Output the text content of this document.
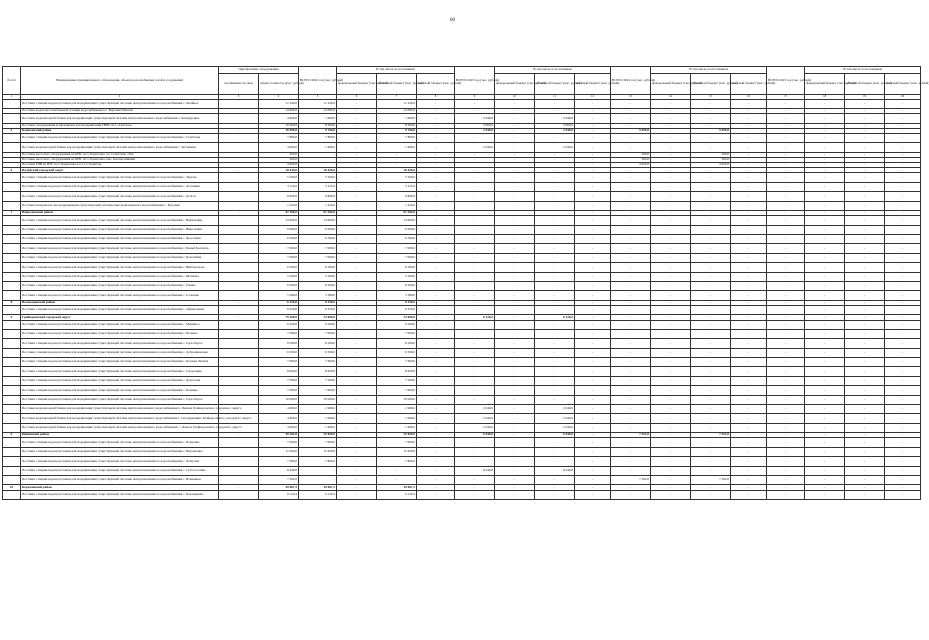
60
№ п/п	Наименование муниципального образования, объекта водоснабжения сетей и сооружений	Приобретение оборудования		ВСЕГО 2022 год (тыс. рублей)	В том числе по источникам			ВСЕГО 2023 год (тыс. рублей)	В том числе по источникам			ВСЕГО 2024 год (тыс. рублей)	В том числе по источникам			ВСЕГО 2025 год (тыс. рублей)	В том числе по источникам		
		протяжённость (км)	общая стоимость (тыс. рублей)		федеральный бюджет (тыс. рублей)	областной бюджет (тыс. рублей)	местный бюджет (тыс. рублей)		федеральный бюджет (тыс. рублей)	областной бюджет (тыс. рублей)	местный бюджет (тыс. рублей)		федеральный бюджет (тыс. рублей)	областной бюджет (тыс. рублей)	местный бюджет (тыс. рублей)		федеральный бюджет (тыс. рублей)	областной бюджет (тыс. рублей)	местный бюджет (тыс. рублей)
1	2	3	4	5	6	7	8	9	10	11	12	13	14	15	16	17	18	19	20
	Поставка станции водоподготовки для модернизации существующей системы централизованного водоснабжения с. Хвойное		11 240,0	11 240,0	-	11 240,0	-	-	-	-	-	-	-	-	-	-	-	-	-
	Поставка водоподготовительной станции водоснабжения в с. Верхняя Павлова		14 000,0	14 000,0	-	14 000,0	-	-	-	-	-	-	-	-	-	-	-	-	-
	Поставка водонапорной башни для модернизации существующей системы централизованного водоснабжения с. Кандауровка		4 000,0	1 960,0	-	1 960,0	-	2 040,0	-	2 040,0	-	-	-	-	-	-	-	-	-
	Поставка оборудования и материалов для модернизации ГВВС пгт. «Светлое»		10 500,0	8 500,0	-	8 500,0	-	2 000,0	-	2 000,0	-	-	-	-	-	-	-	-	-
5	Борисовский район	-	16 990,0	9 760,0	-	9 760,0	-	2 040,0	-	2 040,0	-	5 000,0	-	5 000,0	-	-	-	-	-
	Поставка станции водоподготовки для модернизации существующей системы централизованного водоснабжения с. Стригуны		7 800,0	7 800,0	-	7 800,0	-	-	-	-	-	-	-	-	-	-	-	-	-
	Поставка водонапорной башни для модернизации существующей системы централизованного водоснабжения с. Хотмыжск		4 000,0	1 960,0	-	1 960,0	-	2 040,0	-	2 040,0	-	-	-	-	-	-	-	-	-
	Поставка насосного оборудования на КНС п.г.т. Борисовка, ул. Советская, 110а		500,0	-	-	-	-	-	-	-	-	500,0	-	500,0	-	-	-	-	-
	Поставка насосного оборудования на КНС п.г.т. Борисовка, пер. Кооперативный		500,0	-	-	-	-	-	-	-	-	500,0	-	500,0	-	-	-	-	-
	Поставка РЧВ на ВЗУ п.г.т. Борисовка и п.г.т. Строитель		4 000,0	-	-	-	-	-	-	-	-	4 000,0	-	4 000,0	-	-	-	-	-
6	Валуйский городской округ	-	18 445,0	18 445,0	-	18 445,0	-	-	-	-	-	-	-	-	-	-	-	-	-
	Поставка станции водоподготовки для модернизации существующей системы централизованного водоснабжения с. Заречье		5 500,0	5 500,0	-	5 500,0	-	-	-	-	-	-	-	-	-	-	-	-	-
	Поставка станции водоподготовки для модернизации существующей системы централизованного водоснабжения с. Агошевка		3 125,0	3 125,0	-	3 125,0	-	-	-	-	-	-	-	-	-	-	-	-	-
	Поставка станции водоподготовки для модернизации существующей системы централизованного водоснабжения с. Долгое		8 600,0	8 600,0	-	8 600,0	-	-	-	-	-	-	-	-	-	-	-	-	-
	Поставка материалов для модернизации существующей системы централизованного водоснабжения с. Бутырки		1 224,0	1 224,0	-	1 224,0	-	-	-	-	-	-	-	-	-	-	-	-	-
7	Вейделевский район	-	67 380,0	67 380,0	-	67 380,0	-	-	-	-	-	-	-	-	-	-	-	-	-
	Поставка станции водоподготовки для модернизации существующей системы централизованного водоснабжения с. Вейделевка		14 000,0	14 000,0	-	14 000,0	-	-	-	-	-	-	-	-	-	-	-	-	-
	Поставка станции водоподготовки для модернизации существующей системы централизованного водоснабжения с. Николаевка		9 000,0	9 000,0	-	9 000,0	-	-	-	-	-	-	-	-	-	-	-	-	-
	Поставка станции водоподготовки для модернизации существующей системы централизованного водоснабжения с. Ярославка		6 500,0	6 500,0	-	6 500,0	-	-	-	-	-	-	-	-	-	-	-	-	-
	Поставка станции водоподготовки для модернизации существующей системы централизованного водоснабжения с. Белый Колодезь		7 000,0	7 000,0	-	7 000,0	-	-	-	-	-	-	-	-	-	-	-	-	-
	Поставка станции водоподготовки для модернизации существующей системы централизованного водоснабжения с. Колесники		7 000,0	7 000,0	-	7 000,0	-	-	-	-	-	-	-	-	-	-	-	-	-
	Поставка станции водоподготовки для модернизации существующей системы централизованного водоснабжения с. Викторополь		6 500,0	6 500,0	-	6 500,0	-	-	-	-	-	-	-	-	-	-	-	-	-
	Поставка станции водоподготовки для модернизации существующей системы централизованного водоснабжения с. Шляхово		5 500,0	5 500,0	-	5 500,0	-	-	-	-	-	-	-	-	-	-	-	-	-
	Поставка станции водоподготовки для модернизации существующей системы централизованного водоснабжения с. Ровень		6 500,0	6 500,0	-	6 500,0	-	-	-	-	-	-	-	-	-	-	-	-	-
	Поставка станции водоподготовки для модернизации существующей системы централизованного водоснабжения с. Солонцы		5 380,0	5 380,0	-	5 380,0	-	-	-	-	-	-	-	-	-	-	-	-	-
8	Волоконовский район	-	6 250,0	6 250,0	-	6 250,0	-	-	-	-	-	-	-	-	-	-	-	-	-
	Поставка станции водоподготовки для модернизации существующей системы централизованного водоснабжения с. Афанасьевка		6 250,0	6 250,0	-	6 250,0	-	-	-	-	-	-	-	-	-	-	-	-	-
9	Грайворонский городской округ	-	79 180,0	72 060,0	-	72 060,0	-	6 120,0	-	6 120,0	-	-	-	-	-	-	-	-	-
	Поставка станции водоподготовки для модернизации существующей системы централизованного водоснабжения с. Мощёное		6 500,0	6 500,0	-	6 500,0	-	-	-	-	-	-	-	-	-	-	-	-	-
	Поставка станции водоподготовки для модернизации существующей системы централизованного водоснабжения с. Почаево		7 000,0	7 000,0	-	7 000,0	-	-	-	-	-	-	-	-	-	-	-	-	-
	Поставка станции водоподготовки для модернизации существующей системы централизованного водоснабжения с. Гора-Подол		8 500,0	8 500,0	-	8 500,0	-	-	-	-	-	-	-	-	-	-	-	-	-
	Поставка станции водоподготовки для модернизации существующей системы централизованного водоснабжения с. Доброивановка		6 500,0	6 500,0	-	6 500,0	-	-	-	-	-	-	-	-	-	-	-	-	-
	Поставка станции водоподготовки для модернизации существующей системы централизованного водоснабжения с. Казачья Лисица		7 600,0	7 600,0	-	7 600,0	-	-	-	-	-	-	-	-	-	-	-	-	-
	Поставка станции водоподготовки для модернизации существующей системы централизованного водоснабжения с. Смородино		8 000,0	8 000,0	-	8 000,0	-	-	-	-	-	-	-	-	-	-	-	-	-
	Поставка станции водоподготовки для модернизации существующей системы централизованного водоснабжения с. Дорогощь		7 500,0	7 500,0	-	7 500,0	-	-	-	-	-	-	-	-	-	-	-	-	-
	Поставка станции водоподготовки для модернизации существующей системы централизованного водоснабжения с. Козинка		7 000,0	7 000,0	-	7 000,0	-	-	-	-	-	-	-	-	-	-	-	-	-
	Поставка станции водоподготовки для модернизации существующей системы централизованного водоснабжения с. Гора-Подол		10 000,0	10 000,0	-	10 000,0	-	-	-	-	-	-	-	-	-	-	-	-	-
	Поставка водонапорной башни для модернизации существующей системы централизованного водоснабжения п. Пенцев Грайворонского городского округа		4 000,0	1 960,0	-	1 960,0	-	2 040,0	-	2 040,0	-	-	-	-	-	-	-	-	-
	Поставка водонапорной башни для модернизации существующей системы централизованного водоснабжения с. Сподарюшино Грайворонского городского округа		4 000,0	1 960,0	-	1 960,0	-	2 040,0	-	2 040,0	-	-	-	-	-	-	-	-	-
	Поставка водонапорной башни для модернизации существующей системы централизованного водоснабжения с. Ломное Грайворонского городского округа		4 000,0	1 960,0	-	1 960,0	-	2 040,0	-	2 040,0	-	-	-	-	-	-	-	-	-
9	Ивнянский район	-	40 202,0	25 600,0	-	25 600,0	-	6 040,0	-	6 040,0	-	7 562,0	-	7 562,0	-	-	-	-	-
	Поставка станции водоподготовки для модернизации существующей системы централизованного водоснабжения с. Покровка		7 000,0	7 000,0	-	7 000,0	-	-	-	-	-	-	-	-	-	-	-	-	-
	Поставка станции водоподготовки для модернизации существующей системы централизованного водоснабжения с. Верхопенье		11 000,0	11 000,0	-	11 000,0	-	-	-	-	-	-	-	-	-	-	-	-	-
	Поставка станции водоподготовки для модернизации существующей системы централизованного водоснабжения с. Хомутцы		7 600,0	7 600,0	-	7 600,0	-	-	-	-	-	-	-	-	-	-	-	-	-
	Поставка станции водоподготовки для модернизации существующей системы централизованного водоснабжения с. Сухосолотино		6 040,0	-	-	-	-	6 040,0	-	6 040,0	-	-	-	-	-	-	-	-	-
	Поставка станции водоподготовки для модернизации существующей системы централизованного водоснабжения с. Новенькое		7 562,0	-	-	-	-	-	-	-	-	7 562,0	-	7 562,0	-	-	-	-	-
10	Корочанский район	-	49 087,2	49 087,2	-	49 087,2	-	-	-	-	-	-	-	-	-	-	-	-	-
	Поставка станции водоподготовки для модернизации существующей системы централизованного водоснабжения с. Коломыцево		9 120,4	9 120,4	-	9 120,4	-	-	-	-	-	-	-	-	-	-	-	-	-
